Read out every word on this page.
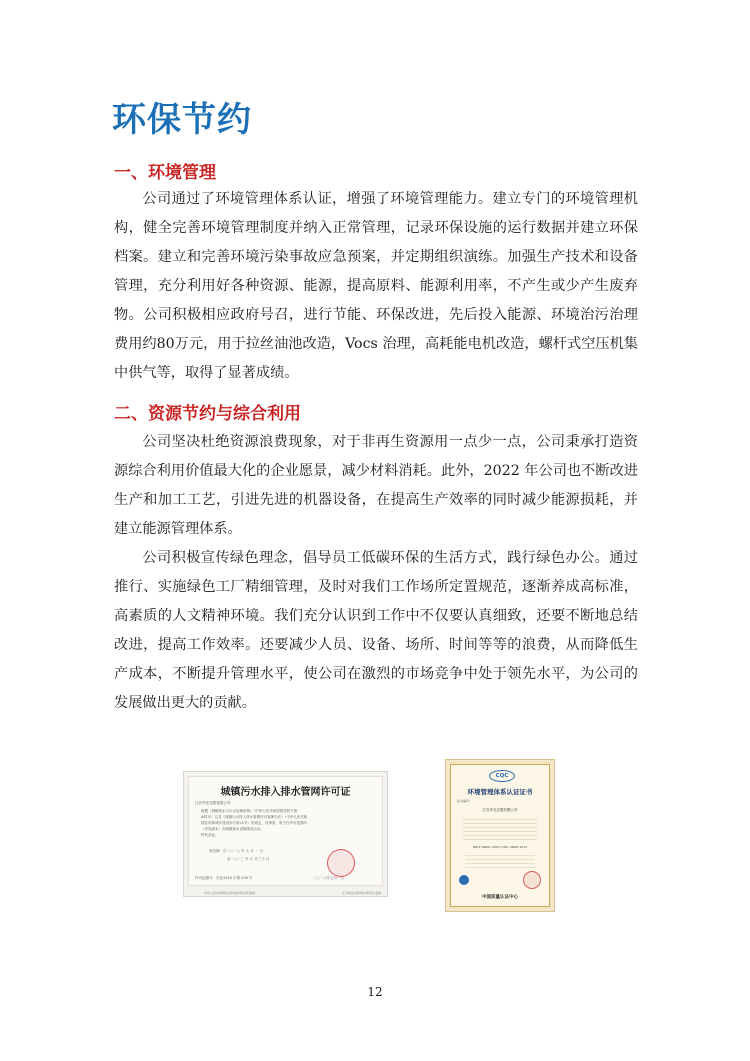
环保节约
一、环境管理

公司通过了环境管理体系认证，增强了环境管理能力。建立专门的环境管理机构，健全完善环境管理制度并纳入正常管理，记录环保设施的运行数据并建立环保档案。建立和完善环境污染事故应急预案，并定期组织演练。加强生产技术和设备管理，充分利用好各种资源、能源，提高原料、能源利用率，不产生或少产生废弃物。公司积极相应政府号召，进行节能、环保改进，先后投入能源、环境治污治理费用约80万元，用于拉丝油池改造，Vocs 治理，高耗能电机改造，螺杆式空压机集中供气等，取得了显著成绩。

二、资源节约与综合利用

公司坚决杜绝资源浪费现象，对于非再生资源用一点少一点，公司秉承打造资源综合利用价值最大化的企业愿景，减少材料消耗。此外，2022 年公司也不断改进生产和加工工艺，引进先进的机器设备，在提高生产效率的同时减少能源损耗，并建立能源管理体系。

公司积极宣传绿色理念，倡导员工低碳环保的生活方式，践行绿色办公。通过推行、实施绿色工厂精细管理，及时对我们工作场所定置规范，逐渐养成高标准，高素质的人文精神环境。我们充分认识到工作中不仅要认真细致，还要不断地总结改进，提高工作效率。还要减少人员、设备、场所、时间等等的浪费，从而降低生产成本，不断提升管理水平，使公司在激烈的市场竞争中处于领先水平，为公司的发展做出更大的贡献。

城镇污水排入排水管网许可证
江苏华光光缆有限公司：
根据《城镇排水与污水处理条例》（中华人民共和国国务院令第
641号）以及《城镇污水排入排水管网许可管理办法》（中华人民共和
国住房和城乡建设部令第21号）的规定，经审查，准予在许可范围内
（详见副本）向城镇排水设施排放污水。
特发此证。
有效期：自二○一八 年 七 月 一 日
至二○二三 年 六 月三十 日
许可证编号：苏宜2018 字第 598 号	二○一八年七月一日
中华人民共和国住房和城乡建设部监制	江苏省住房和城乡建设厅监制
CQC
环境管理体系认证证书
证书编号：
江苏华光光缆有限公司
GB/T 24001-2016 / ISO 14001:2015
中国质量认证中心
12
